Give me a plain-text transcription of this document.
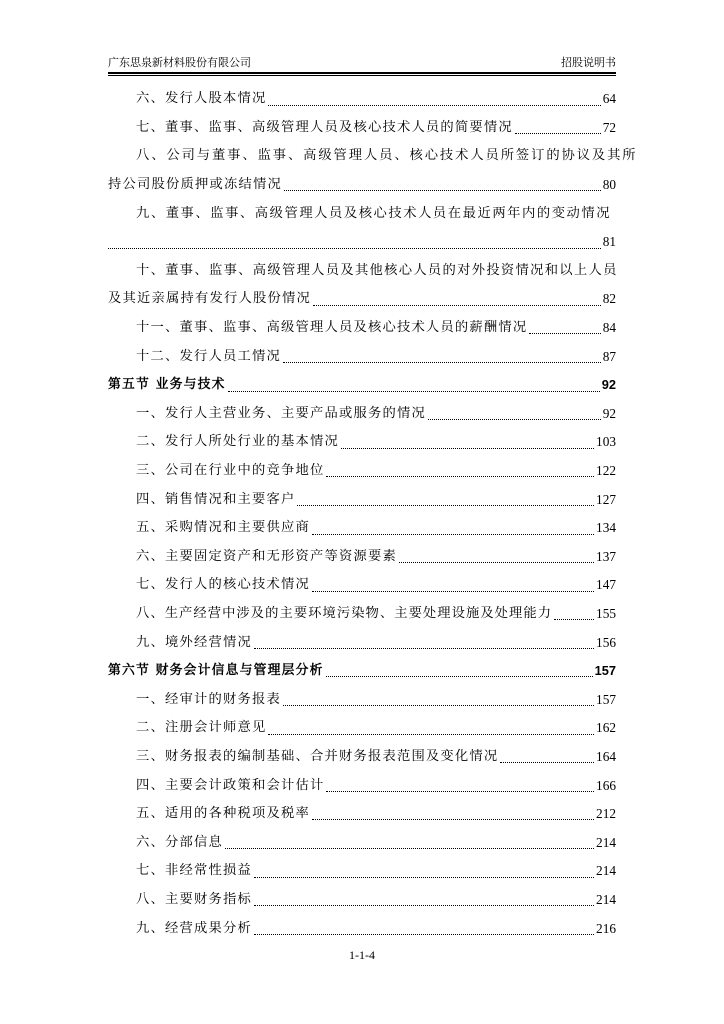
广东思泉新材料股份有限公司	招股说明书
六、发行人股本情况	64
七、董事、监事、高级管理人员及核心技术人员的简要情况	72
八、公司与董事、监事、高级管理人员、核心技术人员所签订的协议及其所
持公司股份质押或冻结情况	80
九、董事、监事、高级管理人员及核心技术人员在最近两年内的变动情况
81
十、董事、监事、高级管理人员及其他核心人员的对外投资情况和以上人员
及其近亲属持有发行人股份情况	82
十一、董事、监事、高级管理人员及核心技术人员的薪酬情况	84
十二、发行人员工情况	87
第五节 业务与技术	92
一、发行人主营业务、主要产品或服务的情况	92
二、发行人所处行业的基本情况	103
三、公司在行业中的竞争地位	122
四、销售情况和主要客户	127
五、采购情况和主要供应商	134
六、主要固定资产和无形资产等资源要素	137
七、发行人的核心技术情况	147
八、生产经营中涉及的主要环境污染物、主要处理设施及处理能力	155
九、境外经营情况	156
第六节 财务会计信息与管理层分析	157
一、经审计的财务报表	157
二、注册会计师意见	162
三、财务报表的编制基础、合并财务报表范围及变化情况	164
四、主要会计政策和会计估计	166
五、适用的各种税项及税率	212
六、分部信息	214
七、非经常性损益	214
八、主要财务指标	214
九、经营成果分析	216
1-1-4
